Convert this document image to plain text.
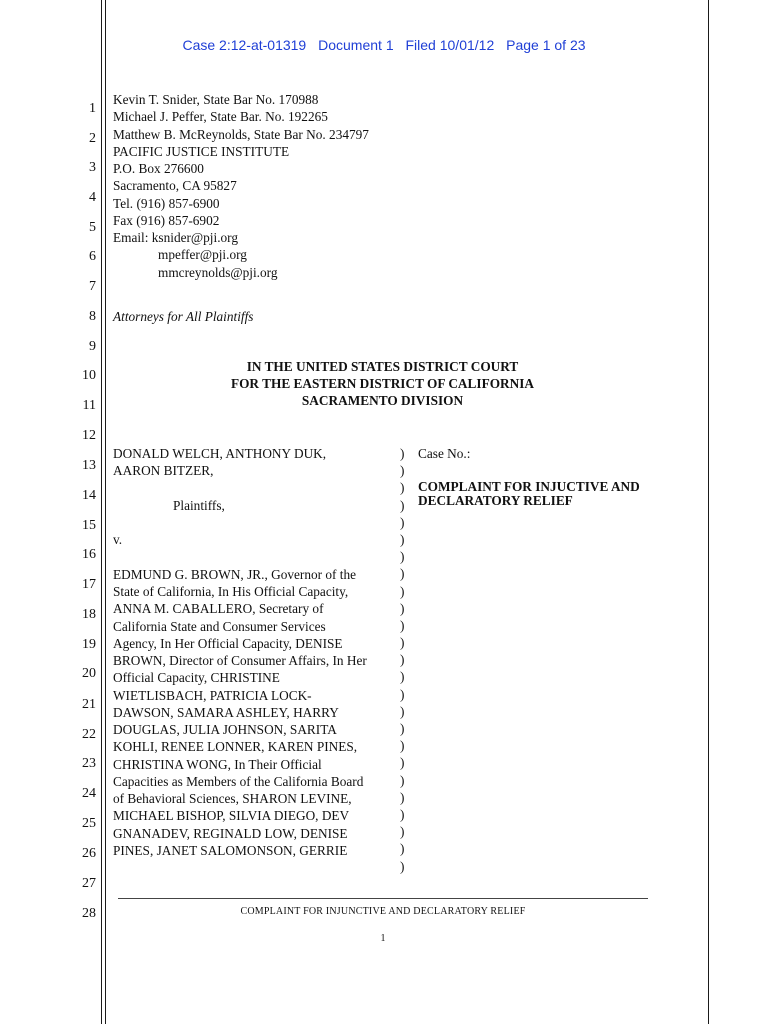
Case 2:12-at-01319 Document 1 Filed 10/01/12 Page 1 of 23
1
2
3
4
5
6
7
8
9
10
11
12
13
14
15
16
17
18
19
20
21
22
23
24
25
26
27
28
Kevin T. Snider, State Bar No. 170988
Michael J. Peffer, State Bar. No. 192265
Matthew B. McReynolds, State Bar No. 234797
PACIFIC JUSTICE INSTITUTE
P.O. Box 276600
Sacramento, CA 95827
Tel. (916) 857-6900
Fax (916) 857-6902
Email: ksnider@pji.org
mpeffer@pji.org
mmcreynolds@pji.org
Attorneys for All Plaintiffs
IN THE UNITED STATES DISTRICT COURT
FOR THE EASTERN DISTRICT OF CALIFORNIA
SACRAMENTO DIVISION
DONALD WELCH, ANTHONY DUK,
AARON BITZER,
Plaintiffs,
v.
EDMUND G. BROWN, JR., Governor of the
State of California, In His Official Capacity,
ANNA M. CABALLERO, Secretary of
California State and Consumer Services
Agency, In Her Official Capacity, DENISE
BROWN, Director of Consumer Affairs, In Her
Official Capacity, CHRISTINE
WIETLISBACH, PATRICIA LOCK-
DAWSON, SAMARA ASHLEY, HARRY
DOUGLAS, JULIA JOHNSON, SARITA
KOHLI, RENEE LONNER, KAREN PINES,
CHRISTINA WONG, In Their Official
Capacities as Members of the California Board
of Behavioral Sciences, SHARON LEVINE,
MICHAEL BISHOP, SILVIA DIEGO, DEV
GNANADEV, REGINALD LOW, DENISE
PINES, JANET SALOMONSON, GERRIE
)
)
)
)
)
)
)
)
)
)
)
)
)
)
)
)
)
)
)
)
)
)
)
)
)
Case No.:
COMPLAINT FOR INJUCTIVE AND
DECLARATORY RELIEF
COMPLAINT FOR INJUNCTIVE AND DECLARATORY RELIEF
1
